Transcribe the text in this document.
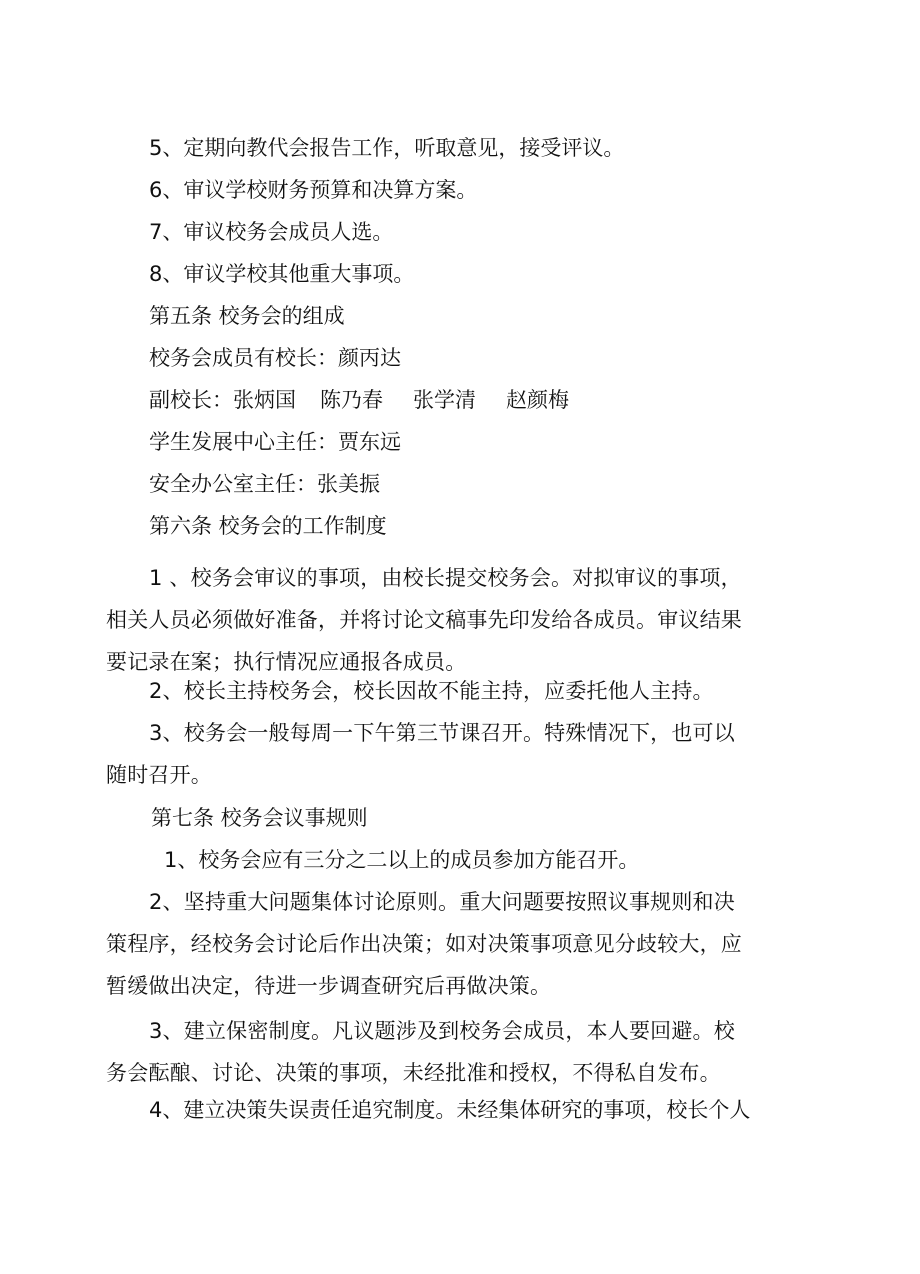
5、定期向教代会报告工作，听取意见，接受评议。

6、审议学校财务预算和决算方案。

7、审议校务会成员人选。

8、审议学校其他重大事项。

第五条 校务会的组成

校务会成员有校长：颜丙达

副校长：张炳国 陈乃春 张学清 赵颜梅

学生发展中心主任：贾东远

安全办公室主任：张美振

第六条 校务会的工作制度

1 、校务会审议的事项，由校长提交校务会。对拟审议的事项，相关人员必须做好准备，并将讨论文稿事先印发给各成员。审议结果要记录在案；执行情况应通报各成员。

2、校长主持校务会，校长因故不能主持，应委托他人主持。

3、校务会一般每周一下午第三节课召开。特殊情况下，也可以随时召开。

第七条 校务会议事规则

1、校务会应有三分之二以上的成员参加方能召开。

2、坚持重大问题集体讨论原则。重大问题要按照议事规则和决策程序，经校务会讨论后作出决策；如对决策事项意见分歧较大，应暂缓做出决定，待进一步调查研究后再做决策。

3、建立保密制度。凡议题涉及到校务会成员，本人要回避。校务会酝酿、讨论、决策的事项，未经批准和授权，不得私自发布。

4、建立决策失误责任追究制度。未经集体研究的事项，校长个人
